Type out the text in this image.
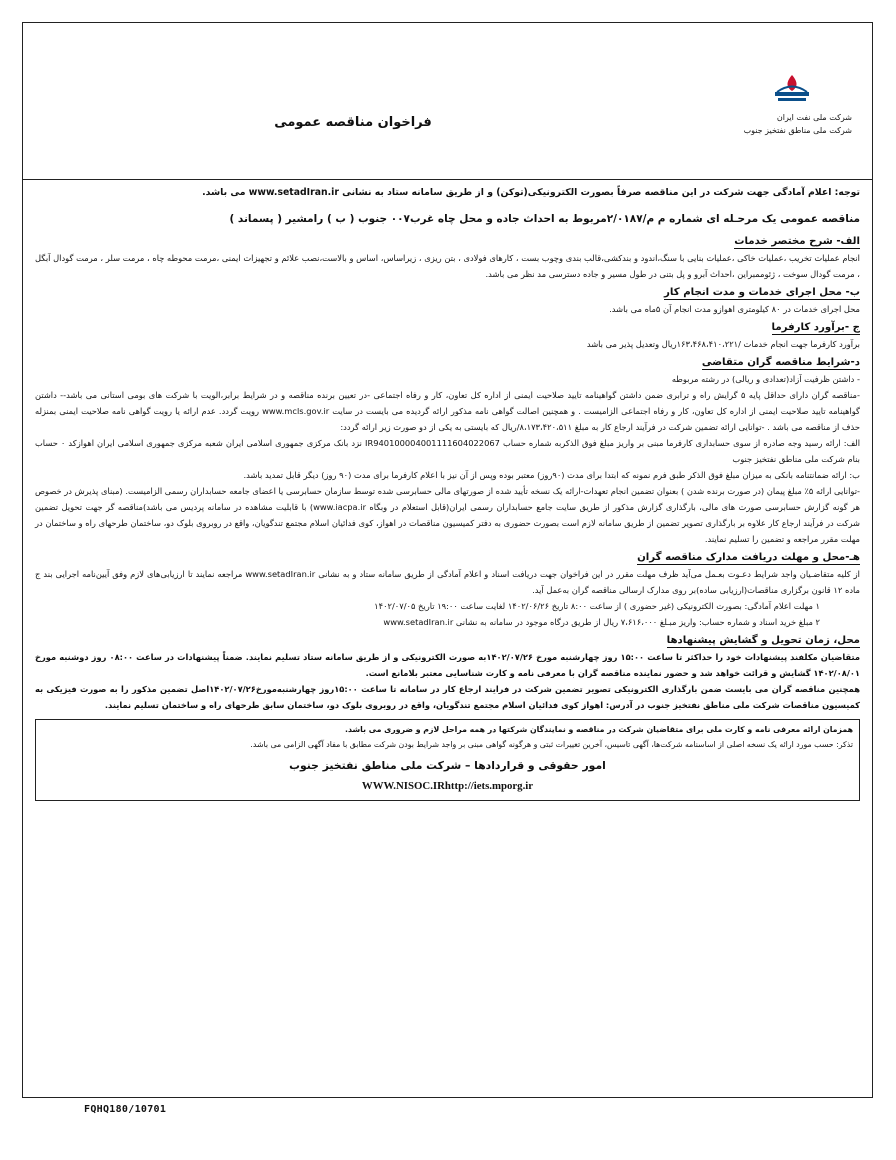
فراخوان مناقصه عمومی	شرکت ملی نفت ایران
شرکت ملی مناطق نفتخیز جنوب

توجه: اعلام آمادگی جهت شرکت در این مناقصه صرفاً بصورت الکترونیکی(توکن) و از طریق سامانه ستاد به نشانی www.setadIran.ir می باشد.

مناقصه عمومی یک مرحـله ای شماره م م/۲/۰۱۸۷مربوط به احداث جاده و محل چاه غرب۰۰۷ جنوب ( ب ) رامشیر ( پسماند )

الف- شرح مختصر خدمات

انجام عملیات تخریب ،عملیات خاکی ،عملیات بنایی با سنگ،اندود و بندکشی،قالب بندی وچوب بست ، کارهای فولادی ، بتن ریزی ، زیراساس، اساس و بالاست،نصب علائم و تجهیزات ایمنی ،مرمت محوطه چاه ، مرمت سلر ، مرمت گودال آبگل ، مرمت گودال سوخت ، ژئوممبراین ،احداث آبرو و پل بتنی در طول مسیر و جاده دسترسی مد نظر می باشد.

ب- محل اجرای خدمات و مدت انجام کار

محل اجرای خدمات در ۸۰ کیلومتری اهوازو مدت انجام آن ۵ماه می باشد.

ج -برآورد کارفرما

برآورد کارفرما جهت انجام خدمات /۱۶۳،۴۶۸،۴۱۰،۲۲۱ریال وتعدیل پذیر می باشد

د-شرایط مناقصه گران متقاضی

- داشتن ظرفیت آزاد(تعدادی و ریالی) در رشته مربوطه

-مناقصه گران دارای حداقل پایه ۵ گرایش راه و ترابری ضمن داشتن گواهینامه تایید صلاحیت ایمنی از اداره کل تعاون، کار و رفاه اجتماعی -در تعیین برنده مناقصه و در شرایط برابر،الویت با شرکت های بومی استانی می باشد-- داشتن گواهینامه تایید صلاحیت ایمنی از اداره کل تعاون، کار و رفاه اجتماعی الزامیست . و همچنین اصالت گواهی نامه مذکور ارائه گردیده می بایست در سایت www.mcls.gov.ir رویت گردد. عدم ارائه یا رویت گواهی نامه صلاحیت ایمنی بمنزله حذف از مناقصه می باشد . -توانایی ارائه تضمین شرکت در فرآیند ارجاع کار به مبلغ ۸،۱۷۳،۴۲۰،۵۱۱/ریال که بایستی به یکی از دو صورت زیر ارائه گردد:

الف: ارائه رسید وجه صادره از سوی حسابداری کارفرما مبنی بر واریز مبلغ فوق الذکربه شماره حساب IR940100004001111604022067 نزد بانک مرکزی جمهوری اسلامی ایران شعبه مرکزی جمهوری اسلامی ایران اهوازکد ۰ حساب بنام شرکت ملی مناطق نفتخیز جنوب

ب: ارائه ضمانتنامه بانکی به میزان مبلغ فوق الذکر طبق فرم نمونه که ابتدا برای مدت (۹۰روز) معتبر بوده وپس از آن نیز با اعلام کارفرما برای مدت (۹۰ روز) دیگر قابل تمدید باشد.

-توانایی ارائه ۵٪ مبلغ پیمان (در صورت برنده شدن ) بعنوان تضمین انجام تعهدات-ارائه یک نسخه تأیید شده از صورتهای مالی حسابرسی شده توسط سازمان حسابرسی یا اعضای جامعه حسابداران رسمی الزامیست. (مبنای پذیرش در خصوص هر گونه گزارش حسابرسی صورت های مالی، بارگذاری گزارش مذکور از طریق سایت جامع حسابداران رسمی ایران(قابل استعلام در وبگاه www.iacpa.ir) با قابلیت مشاهده در سامانه پردیس می باشد)مناقصه گر جهت تحویل تضمین شرکت در فرآیند ارجاع کار علاوه بر بارگذاری تصویر تضمین از طریق سامانه لازم است بصورت حضوری به دفتر کمیسیون مناقصات در اهواز، کوی فدائیان اسلام مجتمع تندگویان، واقع در روبروی بلوک دو، ساختمان طرحهای راه و ساختمان در مهلت مقرر مراجعه و تضمین را تسلیم نمایند.

هـ-محل و مهلت دریافت مدارک مناقصه گران

از کلیه متقاضـیان واجد شرایط دعـوت بعـمل می‌آید ظرف مهلت مقرر در این فراخوان جهت دریافت اسناد و اعلام آمادگی از طریق سامانه ستاد و به نشانی www.setadIran.ir مراجعه نمایند تا ارزیابی‌های لازم وفق آیین‌نامه اجرایی بند ج ماده ۱۲ قانون برگزاری مناقصات(ارزیابی ساده)بر روی مدارک ارسالی مناقصه گران به‌عمل آید.

۱ مهلت اعلام آمادگی: بصورت الکترونیکی (غیر حضوری ) از ساعت ۸:۰۰ تاریخ ۱۴۰۲/۰۶/۲۶ لغایت ساعت ۱۹:۰۰ تاریخ ۱۴۰۲/۰۷/۰۵

۲ مبلغ خرید اسناد و شماره حساب: واریز مبـلغ ۷،۶۱۶،۰۰۰ ریال از طریق درگاه موجود در سامانه به نشانی www.setadIran.ir

محل، زمان تحویل و گشایش پیشنهادها

متقاضیان مکلفند پیشنهادات خود را حداکثر تا ساعت ۱۵:۰۰ روز چهارشنبه مورخ ۱۴۰۲/۰۷/۲۶به صورت الکترونیکی و از طریق سامانه ستاد تسلیم نمایند. ضمناً پیشنهادات در ساعت ۰۸:۰۰ روز دوشنبه مورخ ۱۴۰۲/۰۸/۰۱ گشایش و قرائت خواهد شد و حضور نماینده مناقصه گران با معرفی نامه و کارت شناسایی معتبر بلامانع است.

همچنین مناقصه گران می بایست ضمن بارگذاری الکترونیکی تصویر تضمین شرکت در فرایند ارجاع کار در سامانه تا ساعت ۱۵:۰۰روز چهارشنبه‌مورخ۱۴۰۲/۰۷/۲۶اصل تضمین مذکور را به صورت فیزیکی به کمیسیون مناقصات شرکت ملی مناطق نفتخیز جنوب در آدرس: اهواز کوی فدائیان اسلام مجتمع تندگویان، واقع در روبروی بلوک دو، ساختمان سابق طرحهای راه و ساختمان تسلیم نمایند.

همزمان ارائه معرفی نامه و کارت ملی برای متقاضیان شرکت در مناقصه و نمایندگان شرکتها در همه مراحل لازم و ضروری می باشد.

تذکر: حسب مورد ارائه یک نسخه اصلی از اساسنامه شرکت‌ها، آگهی تاسیس، آخرین تغییرات ثبتی و هرگونه گواهی مبنی بر واجد شرایط بودن شرکت مطابق با مفاد آگهی الزامی می باشد.

امور حقوقی و قراردادها – شرکت ملی مناطق نفتخیز جنوب
WWW.NISOC.IRhttp://iets.mporg.ir
FQHQ180/10701
